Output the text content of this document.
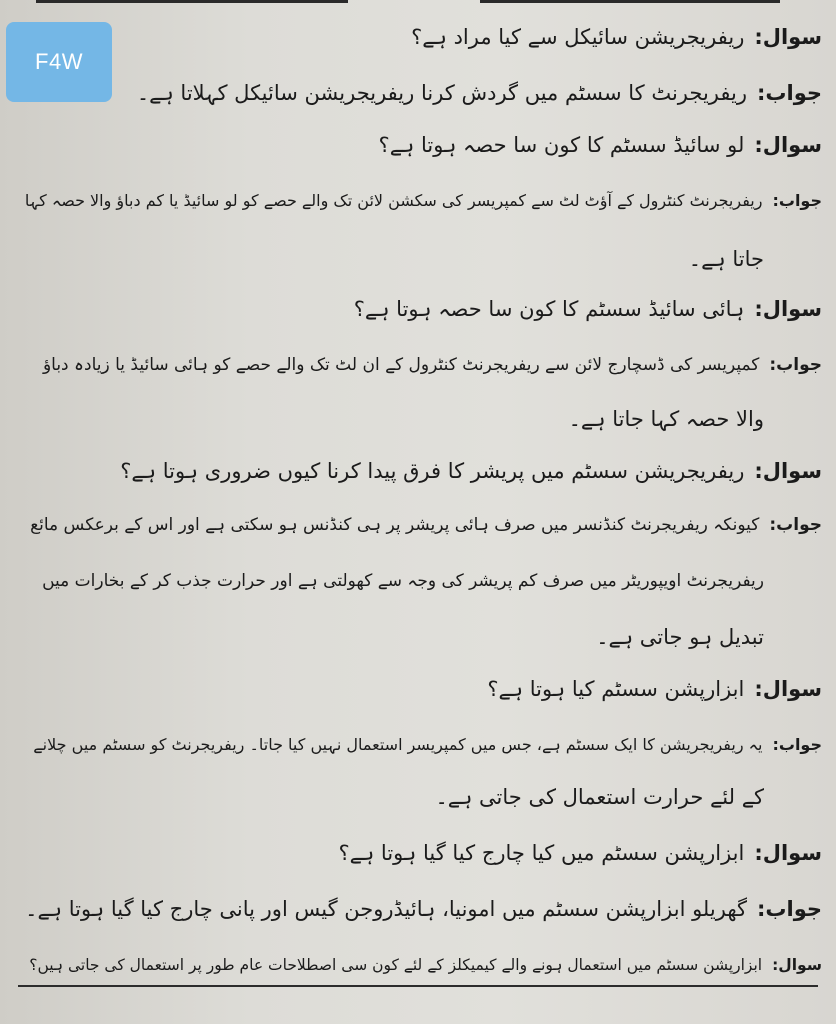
F4W
سوال:ریفریجریشن سائیکل سے کیا مراد ہے؟
جواب:ریفریجرنٹ کا سسٹم میں گردش کرنا ریفریجریشن سائیکل کہلاتا ہے۔
سوال:لو سائیڈ سسٹم کا کون سا حصہ ہوتا ہے؟
جواب:ریفریجرنٹ کنٹرول کے آؤٹ لٹ سے کمپریسر کی سکشن لائن تک والے حصے کو لو سائیڈ یا کم دباؤ والا حصہ کہا
جاتا ہے۔
سوال:ہائی سائیڈ سسٹم کا کون سا حصہ ہوتا ہے؟
جواب:کمپریسر کی ڈسچارج لائن سے ریفریجرنٹ کنٹرول کے ان لٹ تک والے حصے کو ہائی سائیڈ یا زیادہ دباؤ
والا حصہ کہا جاتا ہے۔
سوال:ریفریجریشن سسٹم میں پریشر کا فرق پیدا کرنا کیوں ضروری ہوتا ہے؟
جواب:کیونکہ ریفریجرنٹ کنڈنسر میں صرف ہائی پریشر پر ہی کنڈنس ہو سکتی ہے اور اس کے برعکس مائع
ریفریجرنٹ اویپوریٹر میں صرف کم پریشر کی وجہ سے کھولتی ہے اور حرارت جذب کر کے بخارات میں
تبدیل ہو جاتی ہے۔
سوال:ابزارپشن سسٹم کیا ہوتا ہے؟
جواب:یہ ریفریجریشن کا ایک سسٹم ہے، جس میں کمپریسر استعمال نہیں کیا جاتا۔ ریفریجرنٹ کو سسٹم میں چلانے
کے لئے حرارت استعمال کی جاتی ہے۔
سوال:ابزارپشن سسٹم میں کیا چارج کیا گیا ہوتا ہے؟
جواب:گھریلو ابزارپشن سسٹم میں امونیا، ہائیڈروجن گیس اور پانی چارج کیا گیا ہوتا ہے۔
سوال:ابزارپشن سسٹم میں استعمال ہونے والے کیمیکلز کے لئے کون سی اصطلاحات عام طور پر استعمال کی جاتی ہیں؟
